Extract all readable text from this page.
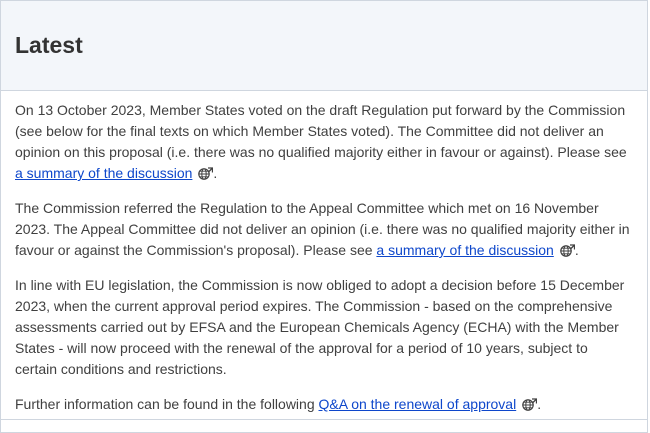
Latest

On 13 October 2023, Member States voted on the draft Regulation put forward by the Commission (see below for the final texts on which Member States voted). The Committee did not deliver an opinion on this proposal (i.e. there was no qualified majority either in favour or against). Please see a summary of the discussion .

The Commission referred the Regulation to the Appeal Committee which met on 16 November 2023. The Appeal Committee did not deliver an opinion (i.e. there was no qualified majority either in favour or against the Commission's proposal). Please see a summary of the discussion .

In line with EU legislation, the Commission is now obliged to adopt a decision before 15 December 2023, when the current approval period expires. The Commission - based on the comprehensive assessments carried out by EFSA and the European Chemicals Agency (ECHA) with the Member States - will now proceed with the renewal of the approval for a period of 10 years, subject to certain conditions and restrictions.

Further information can be found in the following Q&A on the renewal of approval .
